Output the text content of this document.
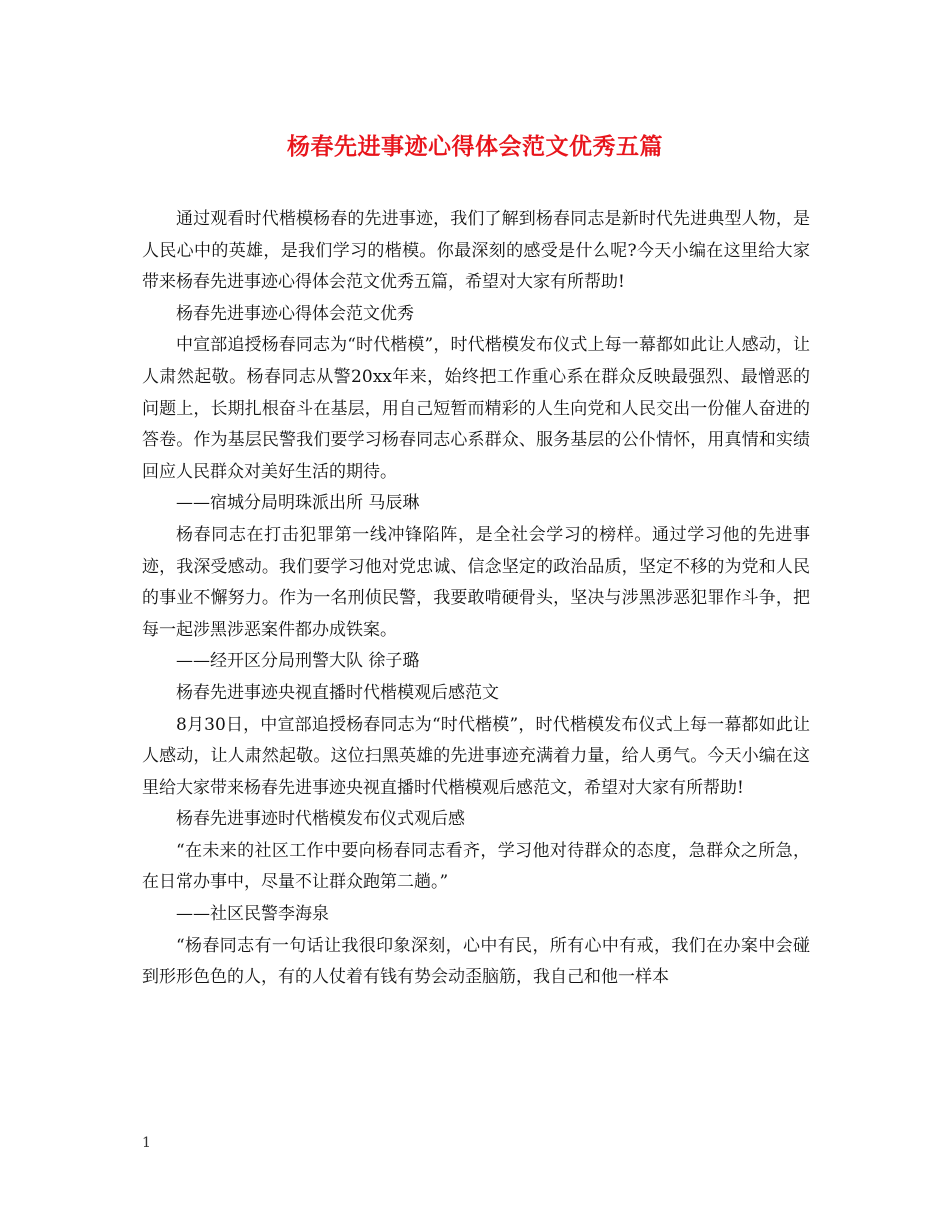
杨春先进事迹心得体会范文优秀五篇

通过观看时代楷模杨春的先进事迹，我们了解到杨春同志是新时代先进典型人物，是人民心中的英雄，是我们学习的楷模。你最深刻的感受是什么呢?今天小编在这里给大家带来杨春先进事迹心得体会范文优秀五篇，希望对大家有所帮助!

杨春先进事迹心得体会范文优秀

中宣部追授杨春同志为“时代楷模”，时代楷模发布仪式上每一幕都如此让人感动，让人肃然起敬。杨春同志从警20xx年来，始终把工作重心系在群众反映最强烈、最憎恶的问题上，长期扎根奋斗在基层，用自己短暂而精彩的人生向党和人民交出一份催人奋进的答卷。作为基层民警我们要学习杨春同志心系群众、服务基层的公仆情怀，用真情和实绩回应人民群众对美好生活的期待。

——宿城分局明珠派出所 马辰琳

杨春同志在打击犯罪第一线冲锋陷阵，是全社会学习的榜样。通过学习他的先进事迹，我深受感动。我们要学习他对党忠诚、信念坚定的政治品质，坚定不移的为党和人民的事业不懈努力。作为一名刑侦民警，我要敢啃硬骨头，坚决与涉黑涉恶犯罪作斗争，把每一起涉黑涉恶案件都办成铁案。

——经开区分局刑警大队 徐子璐

杨春先进事迹央视直播时代楷模观后感范文

8月30日，中宣部追授杨春同志为“时代楷模”，时代楷模发布仪式上每一幕都如此让人感动，让人肃然起敬。这位扫黑英雄的先进事迹充满着力量，给人勇气。今天小编在这里给大家带来杨春先进事迹央视直播时代楷模观后感范文，希望对大家有所帮助!

杨春先进事迹时代楷模发布仪式观后感

“在未来的社区工作中要向杨春同志看齐，学习他对待群众的态度，急群众之所急，在日常办事中，尽量不让群众跑第二趟。”

——社区民警李海泉

“杨春同志有一句话让我很印象深刻，心中有民，所有心中有戒，我们在办案中会碰到形形色色的人，有的人仗着有钱有势会动歪脑筋，我自己和他一样本

1
